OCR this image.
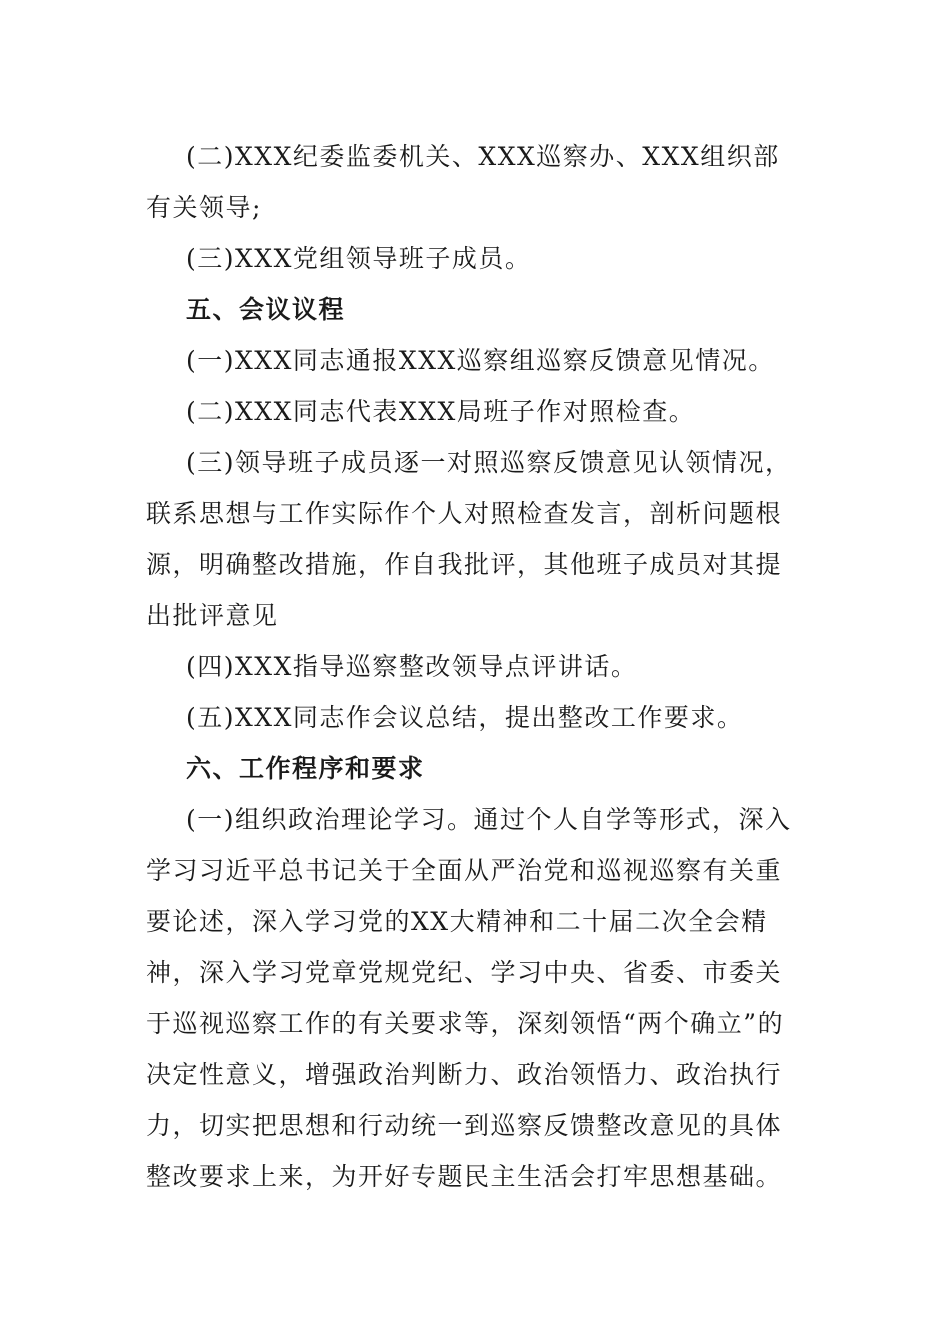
(二)XXX纪委监委机关、XXX巡察办、XXX组织部有关领导;

(三)XXX党组领导班子成员。

五、会议议程

(一)XXX同志通报XXX巡察组巡察反馈意见情况。

(二)XXX同志代表XXX局班子作对照检查。

(三)领导班子成员逐一对照巡察反馈意见认领情况，联系思想与工作实际作个人对照检查发言，剖析问题根源，明确整改措施，作自我批评，其他班子成员对其提出批评意见

(四)XXX指导巡察整改领导点评讲话。

(五)XXX同志作会议总结，提出整改工作要求。

六、工作程序和要求

(一)组织政治理论学习。通过个人自学等形式，深入学习习近平总书记关于全面从严治党和巡视巡察有关重要论述，深入学习党的XX大精神和二十届二次全会精神，深入学习党章党规党纪、学习中央、省委、市委关于巡视巡察工作的有关要求等，深刻领悟“两个确立”的决定性意义，增强政治判断力、政治领悟力、政治执行力，切实把思想和行动统一到巡察反馈整改意见的具体整改要求上来，为开好专题民主生活会打牢思想基础。
